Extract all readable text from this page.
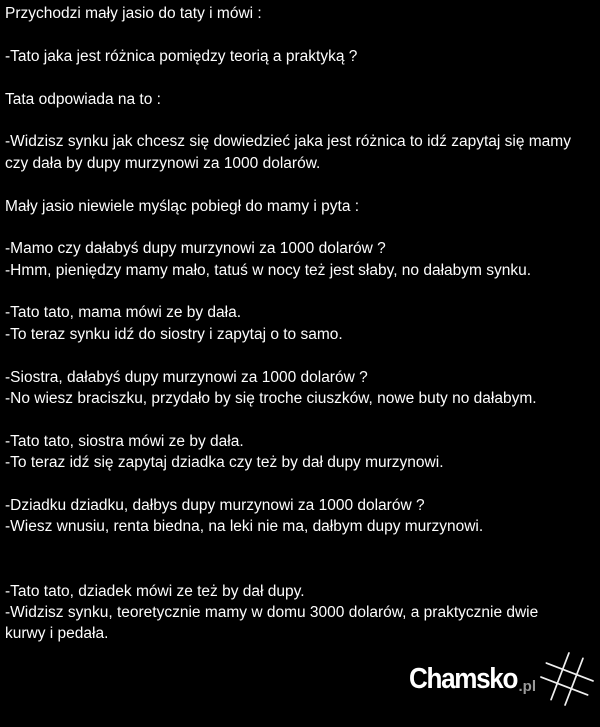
Przychodzi mały jasio do taty i mówi :
-Tato jaka jest różnica pomiędzy teorią a praktyką ?
Tata odpowiada na to :
-Widzisz synku jak chcesz się dowiedzieć jaka jest różnica to idź zapytaj się mamy
czy dała by dupy murzynowi za 1000 dolarów.
Mały jasio niewiele myśląc pobiegł do mamy i pyta :
-Mamo czy dałabyś dupy murzynowi za 1000 dolarów ?
-Hmm, pieniędzy mamy mało, tatuś w nocy też jest słaby, no dałabym synku.
-Tato tato, mama mówi ze by dała.
-To teraz synku idź do siostry i zapytaj o to samo.
-Siostra, dałabyś dupy murzynowi za 1000 dolarów ?
-No wiesz braciszku, przydało by się troche ciuszków, nowe buty no dałabym.
-Tato tato, siostra mówi ze by dała.
-To teraz idź się zapytaj dziadka czy też by dał dupy murzynowi.
-Dziadku dziadku, dałbys dupy murzynowi za 1000 dolarów ?
-Wiesz wnusiu, renta biedna, na leki nie ma, dałbym dupy murzynowi.
-Tato tato, dziadek mówi ze też by dał dupy.
-Widzisz synku, teoretycznie mamy w domu 3000 dolarów, a praktycznie dwie
kurwy i pedała.
Chamsko .pl
